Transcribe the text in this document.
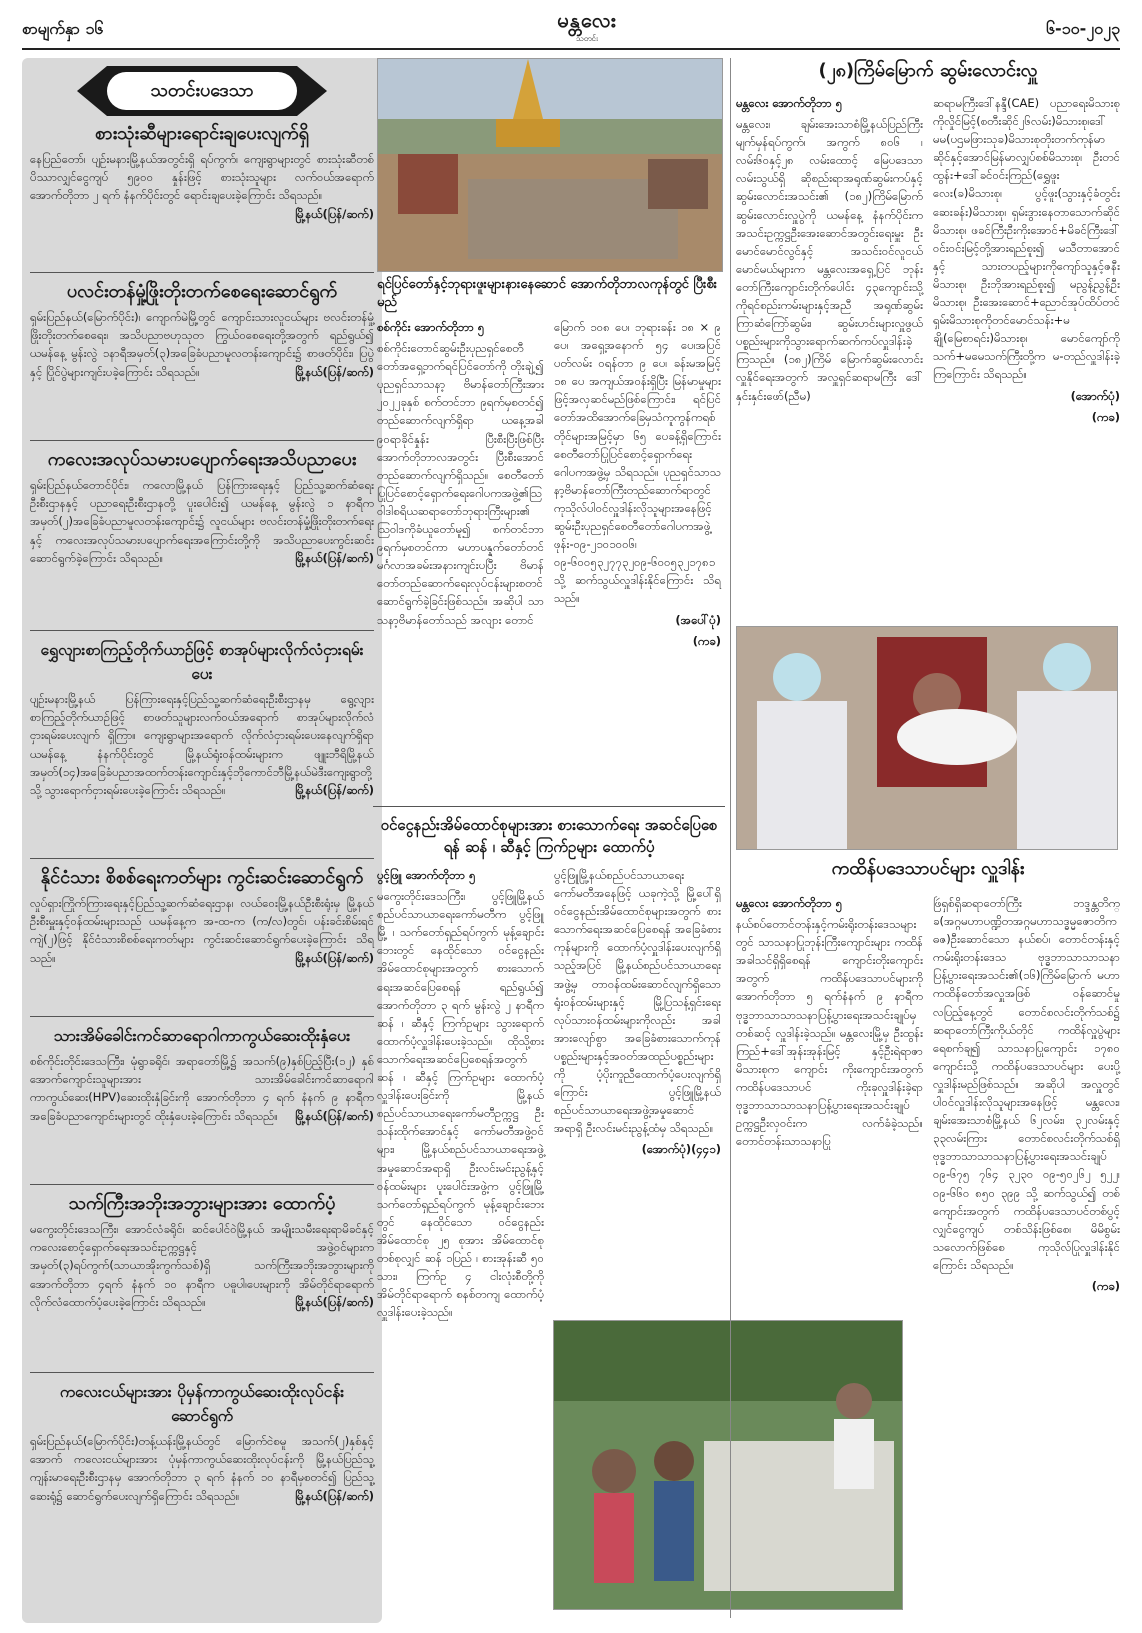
စာမျက်နှာ ၁၆	မန္တလေး
သတင်း
၆-၁၀-၂၀၂၃
သတင်းပဒေသာ
စားသုံးဆီများရောင်းချပေးလျက်ရှိ

နေပြည်တော်၊ ပျဉ်းမနားမြို့နယ်အတွင်းရှိ ရပ်ကွက်၊ ကျေးရွာများတွင် စားသုံးဆီတစ်ပိဿာလျှင်ငွေကျပ် ၅၉၀၀ နှုန်းဖြင့် စားသုံးသူများ လက်ဝယ်အရောက် အောက်တိုဘာ ၂ ရက် နံနက်ပိုင်းတွင် ရောင်းချပေးခဲ့ကြောင်း သိရသည်။
မြို့နယ်(ပြန်/ဆက်)

ပလင်းတန်မှုံ့ဖြိုးတိုးတက်စေရေးဆောင်ရွက်

ရှမ်းပြည်နယ်(မြောက်ပိုင်း)၊ ကျောက်မဲမြို့တွင် ကျောင်းသားလူငယ်များ ဗလင်းတန်မှုံ့ဖြိုးတိုးတက်စေရေး၊ အသိပညာဗဟုသုတ ကြွယ်ဝစေရေးတို့အတွက် ရည်ရွယ်၍ ယမန်နေ့ မွန်းလွဲ ၁နာရီအမှတ်(၃)အခြေခံပညာမူလတန်းကျောင်း၌ စာဖတ်ပိုင်း၊ ပြပွဲနှင့် ပြိုင်ပွဲများကျင်းပခဲ့ကြောင်း သိရသည်။	မြို့နယ်(ပြန်/ဆက်)

ကလေးအလုပ်သမားပပျောက်ရေးအသိပညာပေး

ရှမ်းပြည်နယ်တောင်ပိုင်း၊ ကလောမြို့နယ် ပြန်ကြားရေးနှင့် ပြည်သူ့ဆက်ဆံရေးဦးစီးဌာနနှင့် ပညာရေးဦးစီးဌာနတို့ ပူးပေါင်း၍ ယမန်နေ့ မွန်းလွဲ ၁ နာရီက အမှတ်(၂)အခြေခံပညာမူလတန်းကျောင်း၌ လူငယ်များ ဗလင်းတန်မှုံ့ဖြိုးတိုးတက်ရေးနှင့် ကလေးအလုပ်သမားပပျောက်ရေးအကြောင်းတို့ကို အသိပညာပေးကွင်းဆင်းဆောင်ရွက်ခဲ့ကြောင်း သိရသည်။	မြို့နယ်(ပြန်/ဆက်)

ရွှေလျားစာကြည့်တိုက်ယာဉ်ဖြင့် စာအုပ်များလိုက်လံငှားရမ်းပေး

ပျဉ်းမနားမြို့နယ် ပြန်ကြားရေးနှင့်ပြည်သူ့ဆက်ဆံရေးဦးစီးဌာနမှ ရွေ့လျားစာကြည့်တိုက်ယာဉ်ဖြင့် စာဖတ်သူများလက်ဝယ်အရောက် စာအုပ်များလိုက်လံငှားရမ်းပေးလျက် ရှိကြာ။ ကျေးရွာများအရောက် လိုက်လံငှားရမ်းပေးနေလျက်ရှိရာ ယမန်နေ့ နံနက်ပိုင်းတွင် မြို့နယ်ရုံးဝန်ထမ်းများက ဖျူးဘီရိမြို့နယ် အမှတ်(၁၄)အခြေခံပညာအထက်တန်းကျောင်းနှင့်ဘိုကောင်ဘီမြို့နယ်မဲဒီးကျေးရွာတို့သို့ သွားရောက်ငှားရမ်းပေးခဲ့ကြောင်း သိရသည်။	မြို့နယ်(ပြန်/ဆက်)

နိုင်ငံသား စိစစ်ရေးကတ်များ ကွင်းဆင်းဆောင်ရွက်

လှုပ်ရှားကြိုက်ကြားရေးနှင့်ပြည်သူ့ဆက်ဆံရေးဌာန၊ လယ်ဝေးမြို့နယ်ဦးစီးရုံးမှ မြို့နယ်ဦးစီးမှူးနှင့်ဝန်ထမ်းများသည် ယမန်နေ့က အ-ထ-က (က/လ)တွင်၊ ပန်းခင်းစိမ်းရင်ကျဲ(၂)ဖြင့် နိုင်ငံသားစိစစ်ရေးကတ်များ ကွင်းဆင်းဆောင်ရွက်ပေးခဲ့ကြောင်း သိရသည်။	မြို့နယ်(ပြန်/ဆက်)

သားအိမ်ခေါင်းကင်ဆာရောဂါကာကွယ်ဆေးထိုးနှံပေး

စစ်ကိုင်းတိုင်းဒေသကြီး၊ မုံရွာခရိုင်၊ အရာတော်မြို့၌ အသက်(၉)နှစ်ပြည့်ပြီး(၁၂) နှစ်အောက်ကျောင်းသူများအား သားအိမ်ခေါင်းကင်ဆာရောဂါကာကွယ်ဆေး(HPV)ဆေးထိုးနှံခြင်းကို အောက်တိုဘာ ၄ ရက် နံနက် ၉ နာရီက အခြေခံပညာကျောင်းများတွင် ထိုးနှံပေးခဲ့ကြောင်း သိရသည်။ မြို့နယ်(ပြန်/ဆက်)

သက်ကြီးအဘိုးအဘွားများအား ထောက်ပံ့

မကွေးတိုင်းဒေသကြီး၊ အောင်လံခရိုင်၊ ဆင်ပေါင်ဝဲမြို့နယ် အမျိုးသမီးရေးရာမိခင်နှင့်ကလေးစောင့်ရှောက်ရေးအသင်းဥက္ကဋ္ဌနှင့် အဖွဲ့ဝင်များက အမှတ်(၃)ရပ်ကွက်(သာယာအိုးကွက်သစ်)ရှိ သက်ကြီးအဘိုးအဘွားများကို အောက်တိုဘာ ၄ရက် နံနက် ၁၀ နာရီက ပဓူပါ၊ပေးများကို အိမ်တိုင်ရာရောက် လိုက်လံထောက်ပံ့ပေးခဲ့ကြောင်း သိရသည်။	မြို့နယ်(ပြန်/ဆက်)

ကလေးငယ်များအား ပိုမှန်ကာကွယ်ဆေးထိုးလုပ်ငန်းဆောင်ရွက်

ရှမ်းပြည်နယ်(မြောက်ပိုင်း)တန့်ယန်းမြို့နယ်တွင် မြောက်ငဲစမူ အသက်(၂)နှစ်နှင့်အောက် ကလေးငယ်များအား ပုံမှန်ကာကွယ်ဆေးထိုးလုပ်ငန်းကို မြို့နယ်ပြည်သူ့ကျန်းမာရေးဦးစီးဌာနမှ အောက်တိုဘာ ၃ ရက် နံနက် ၁၀ နာရီမှစတင်၍ ပြည်သူ့ဆေးရုံ၌ ဆောင်ရွက်ပေးလျက်ရှိကြောင်း သိရသည်။	မြို့နယ်(ပြန်/ဆက်)

ရင်ပြင်တော်နှင့်ဘုရားဖူးများနားနေဆောင် အောက်တိုဘာလကုန်တွင် ပြီးစီးမည်

စစ်ကိုင်း အောက်တိုဘာ ၅

စစ်ကိုင်းတောင်ဆွမ်းဦးပုညရှင်စေတီတော်အရှေ့ဘက်ရင်ပြင်တော်ကို တိုးချဲ့၍ ပုညရှင်သာသနာ့ ဗိမာန်တော်ကြီးအား ၂၀၂၂ခုနှစ် စက်တင်ဘာ ၉ရက်မှစတင်၍ တည်ဆောက်လျက်ရှိရာ ယနေ့အခါ ၉၀ရာခိုင်နှုန်း ပြီးစီးပြီးဖြစ်ပြီး အောက်တိုဘာလအတွင်း ပြီးစီးအောင်တည်ဆောက်လျက်ရှိသည်။ စေတီတော်ပြုပြင်စောင့်ရှောက်ရေးဂေါပကအဖွဲ့၏သြဝါဒါစရိယဆရာတော်ဘုရားကြီးများ၏ သြဝါဒကိုခံယူတော်မူ၍ စက်တင်ဘာ ၉ရက်မှစတင်ကာ မဟာပန္နက်တော်တင်မင်္ဂလာအခမ်းအနားကျင်းပပြီး ဗိမာန်တော်တည်ဆောက်ရေးလုပ်ငန်းများစတင်ဆောင်ရွက်ခဲ့ခြင်းဖြစ်သည်။ အဆိုပါ သာသနာ့ဗိမာန်တော်သည် အလျား တောင်

မြောက် ၁၀၈ ပေ၊ ဘုရားခန်း ၁၈ × ၉ ပေ၊ အရှေ့အနောက် ၅၄ ပေ၊အပြင်ပတ်လမ်း ဝရန်တာ ၉ ပေ၊ ခန်းမအမြင့် ၁၈ ပေ အကျယ်အဝန်းရှိပြီး မြန်မာမှုများဖြင့်အလှဆင်မည်ဖြစ်ကြောင်း၊ ရင်ပြင်တော်အထိအောက်ခြေမှသံကူကွန်ကရစ်တိုင်များအမြင့်မှာ ၆၅ ပေခန့်ရှိကြောင်း စေတီတော်ပြုပြင်စောင့်ရှောက်ရေးဂေါပကအဖွဲ့မှ သိရသည်။ ပုညရှင်သာသနာ့ဗိမာန်တော်ကြီးတည်ဆောက်ရာတွင် ကုသိုလ်ပါဝင်လှူဒါန်းလိုသူများအနေဖြင့် ဆွမ်းဦးပုညရှင်စေတီတော်ဂေါပကအဖွဲ့ ဖုန်း-၀၉-၂၁၀၁၀၀၆၊ ၀၉-၆၀၀၅၃၂၇၇၃၂၀၉-၆၀၀၅၃၂၁၇၈၁ သို့ ဆက်သွယ်လှူဒါန်းနိုင်ကြောင်း သိရသည်။

(အပေါ်ပုံ)

(ကခ)

ဝင်ငွေနည်းအိမ်ထောင်စုများအား စားသောက်ရေး အဆင်ပြေစေရန် ဆန် ၊ ဆီနှင့် ကြက်ဥများ ထောက်ပံ့

ပွင့်ဖြူ အောက်တိုဘာ ၅

မကွေးတိုင်းဒေသကြီး၊ ပွင့်ဖြူမြို့နယ်စည်ပင်သာယာရေးကော်မတီက ပွင့်ဖြူမြို့ ၊ သက်တော်ရှည်ရပ်ကွက် မုန့်ချောင်းဘေးတွင် နေထိုင်သော ဝင်ငွေနည်းအိမ်ထောင်စုများအတွက် စားသောက်ရေးအဆင်ပြေစေရန် ရည်ရွယ်၍ အောက်တိုဘာ ၃ ရက် မွန်းလွဲ ၂ နာရီက ဆန် ၊ ဆီနှင့် ကြက်ဥများ သွားရောက်ထောက်ပံ့လှူဒါန်းပေးခဲ့သည်။ ထိုသို့စားသောက်ရေးအဆင်ပြေစေရန်အတွက် ဆန် ၊ ဆီနှင့် ကြက်ဥများ ထောက်ပံ့လှူဒါန်းပေးခြင်းကို မြို့နယ်စည်ပင်သာယာရေးကော်မတီဥက္ကဋ္ဌ ဦးသန်းထိုက်အောင်နှင့် ကော်မတီအဖွဲ့ဝင်များ၊ မြို့နယ်စည်ပင်သာယာရေးအဖွဲ့ အမှုဆောင်အရာရှိ ဦးလင်းမင်းညွန့်နှင့် ဝန်ထမ်းများ ပူးပေါင်းအဖွဲ့က ပွင့်ဖြူမြို့သက်တော်ရှည်ရပ်ကွက် မုန့်ချောင်းဘေးတွင် နေထိုင်သော ဝင်ငွေနည်းအိမ်ထောင်စု ၂၅ စုအား အိမ်ထောင်စုတစ်စုလျှင် ဆန် ၁ပြည် ၊ စားအုန်းဆီ ၅၀ သား၊ ကြက်ဥ ၄ ငါးလုံးစီတို့ကို အိမ်တိုင်ရာရောက် စနစ်တကျ ထောက်ပံ့လှူဒါန်းပေးခဲ့သည်။

ပွင့်ဖြူမြို့နယ်စည်ပင်သာယာရေးကော်မတီအနေဖြင့် ယခုကဲ့သို့ မြို့ပေါ်ရှိ ဝင်ငွေနည်းအိမ်ထောင်စုများအတွက် စားသောက်ရေးအဆင်ပြေစေရန် အခြေခံစားကုန်များကို ထောက်ပံ့လှူဒါန်းပေးလျက်ရှိသည့်အပြင် မြို့နယ်စည်ပင်သာယာရေးအဖွဲ့မှ တာဝန်ထမ်းဆောင်လျက်ရှိသော ရုံးဝန်ထမ်းများနှင့် မြို့ပြသန့်ရှင်းရေးလုပ်သားဝန်ထမ်းများကိုလည်း အခါအားလျော်စွာ အခြေခံစားသောက်ကုန်ပစ္စည်းများနှင့်အဝတ်အထည်ပစ္စည်းများကို ပံ့ပိုးကူညီထောက်ပံ့ပေးလျက်ရှိကြောင်း ပွင့်ဖြူမြို့နယ်စည်ပင်သာယာရေးအဖွဲ့အမှုဆောင်အရာရှိ ဦးလင်းမင်းညွန့်ထံမှ သိရသည်။

(အောက်ပုံ)(၄၄၁)

(၂၈)ကြိမ်မြောက် ဆွမ်းလောင်းလှူ

မန္တလေး အောက်တိုဘာ ၅

မန္တလေး၊ ချမ်းအေးသာစံမြို့နယ်ပြည်ကြီးမျက်မှန်ရပ်ကွက်၊ အကွက် ၈၀၆ ၊ လမ်း၆၀နှင့်၂၈ လမ်းထောင့် မြေပဒေသာလမ်းသွယ်ရှိ ဆိုစည်းရာအရုဏ်ဆွမ်းကပ်နှင့် ဆွမ်းလောင်းအသင်း၏ (၁၈၂)ကြိမ်မြောက်ဆွမ်းလောင်းလှူပွဲကို ယမန်နေ့ နံနက်ပိုင်းက အသင်းဥက္ကဋ္ဌဦးအေးဆောင်အတွင်းရေးမှူး ဦးမောင်မောင်လွင်နှင့် အသင်းဝင်လူငယ်မောင်မယ်များက မန္တလေးအရှေ့ပြင် ဘုန်းတော်ကြီးကျောင်းတိုက်ပေါင်း ၄၃ကျောင်းသို့ ကိုရင်စည်းကမ်းများနှင့်အညီ အရုဏ်ဆွမ်း ကြာဆံကြော်ဆွမ်း၊ ဆွမ်းဟင်းများလှူဖွယ်ပစ္စည်းများကိုသွားရောက်ဆက်ကပ်လှူဒါန်းခဲ့ကြသည်။ (၁၈၂)ကြိမ် မြောက်ဆွမ်းလောင်းလှူနိုင်ရေးအတွက် အလှူရှင်ဆရာမကြီး ဒေါ်နှင်းနှင်းဖော်(ညီမ)

ဆရာမကြီးဒေါ်နန္ဒီ(CAE) ပညာရေးမိသားစုကိုလှိုင်မြင့်(စတီးဆိုင်၂၆လမ်း)မိသားစု၊ဒေါ်မမ(ပဌမဖြားသုခ)မိသားစုတိုးတက်ကုန်မာဆိုင်နှင့်အောင်မြန်မာလျှပ်စစ်မိသားစု၊ ဦးတင်ထွန်း+ဒေါ်ခင်ဝင်းကြည်(ရွှေဖူးလေး(ခ)မိသားစု၊ ပွင့်ဖူး(သွားနှင့်ခံတွင်းဆေးခန်း)မိသားစု၊ ရှမ်းဒွားနေတာသောက်ဆိုင်မိသားစု၊ ဖခင်ကြီးဦးကိုးအောင်+မိခင်ကြီးဒေါ်ဝင်းဝင်းမြင့်တို့အားရည်စူး၍ မသီတာအောင်နှင့် သားတပည့်များကိုကျော်သူနှင့်ဇနီးမိသားစု၊ ဦးဘိုအားရည်စူး၍ မညွန့်ညွန့်ဦးမိသားစု၊ ဦးအေးဆောင်+ညောင်အုပ်ထိပ်တင်ရှမ်းမိသားစုကိုတင်မောင်သန်း+မချို(မြေစာရင်း)မိသားစု၊ မောင်ကျော်ကိုသက်+မမေသက်ကြီးတို့က မ-တည်လှူဒါန်းခဲ့ကြကြောင်း သိရသည်။

(အောက်ပုံ)

(ကခ)

ကထိန်ပဒေသာပင်များ လှူဒါန်း

မန္တလေး အောက်တိုဘာ ၅

နယ်စပ်တောင်တန်းနှင့်ကမ်းရိုးတန်းဒေသများတွင် သာသနာပြုဘုန်းကြီးကျောင်းများ ကထိန်အခါသင်ရှိရှိစေရန် ကျောင်းတိုးကျောင်းအတွက် ကထိန်ပဒေသာပင်များကို အောက်တိုဘာ ၅ ရက်နံနက် ၉ နာရီက ဗုဒ္ဓဘာသာသာသနာပြန့်ပွားရေးအသင်းချုပ်မှ တစ်ဆင့် လှူဒါန်းခဲ့သည်။ မန္တလေးမြို့မှ ဦးထွန်းကြည်+ဒေါ်အုန်းအုန်းမြင့် နှင့်ဦးရဲရာဇာမိသားစုက ကျောင်း ကိုးကျောင်းအတွက် ကထိန်ပဒေသာပင် ကိုးခုလှူဒါန်းခဲ့ရာ ဗုဒ္ဓဘာသာသာသနာပြန့်ပွားရေးအသင်းချုပ်ဥက္ကဋ္ဌဦးလှဝင်းက လက်ခံခဲ့သည်။ တောင်တန်းသာသနာပြု

ဖြဴရှစ်ရှိဆရာတော်ကြီး ဘဒ္ဒန္တတိက္ခ(အဂ္ဂမဟာပဏ္ဍိတအဂ္ဂမဟာသဒ္ဓမ္မဇောတိကဓဇ)ဦးဆောင်သော နယ်စပ်၊ တောင်တန်းနှင့်ကမ်းရိုးတန်းဒေသ ဗုဒ္ဓဘာသာသာသနာပြန့်ပွားရေးအသင်း၏(၁၆)ကြိမ်မြောက် မဟာကထိန်တော်အလှူအဖြစ် ဝန်ဆောင်မှုလပြည့်နေ့တွင် တောင်စလင်းတိုက်သစ်၌ ဆရာတော်ကြီးကိုယ်တိုင် ကထိန်လှူပွဲများ ရေစက်ချ၍ သာသနာပြုကျောင်း ၁၇၈၀ ကျောင်းသို့ ကထိန်ပဒေသာပင်များ ပေးပို့လှူဒါန်းမည်ဖြစ်သည်။ အဆိုပါ အလှူတွင် ပါဝင်လှူဒါန်းလိုသူများအနေဖြင့် မန္တလေး၊ ချမ်းအေးသာစံမြို့နယ် ၆၂လမ်း၊ ၃၂လမ်းနှင့် ၃၃လမ်းကြား တောင်စလင်းတိုက်သစ်ရှိ ဗုဒ္ဓဘာသာသာသနာပြန့်ပွားရေးအသင်းချုပ် ၀၉-၆၇၅ ၇၆၄ ၃၂၃၀ ၀၉-၅၀၂၆၂ ၅၂၂၊ ၀၉-၆၆၀ ၈၅၀ ၃၉၉ သို့ ဆက်သွယ်၍ တစ်ကျောင်းအတွက် ကထိန်ပဒေသာပင်တစ်ပွင့်လျှင်ငွေကျပ် တစ်သိန်းဖြစ်စေ၊ မိမိစွမ်းသလောက်ဖြစ်စေ ကုသိုလ်ပြုလှူဒါန်းနိုင်ကြောင်း သိရသည်။

(ကခ)
